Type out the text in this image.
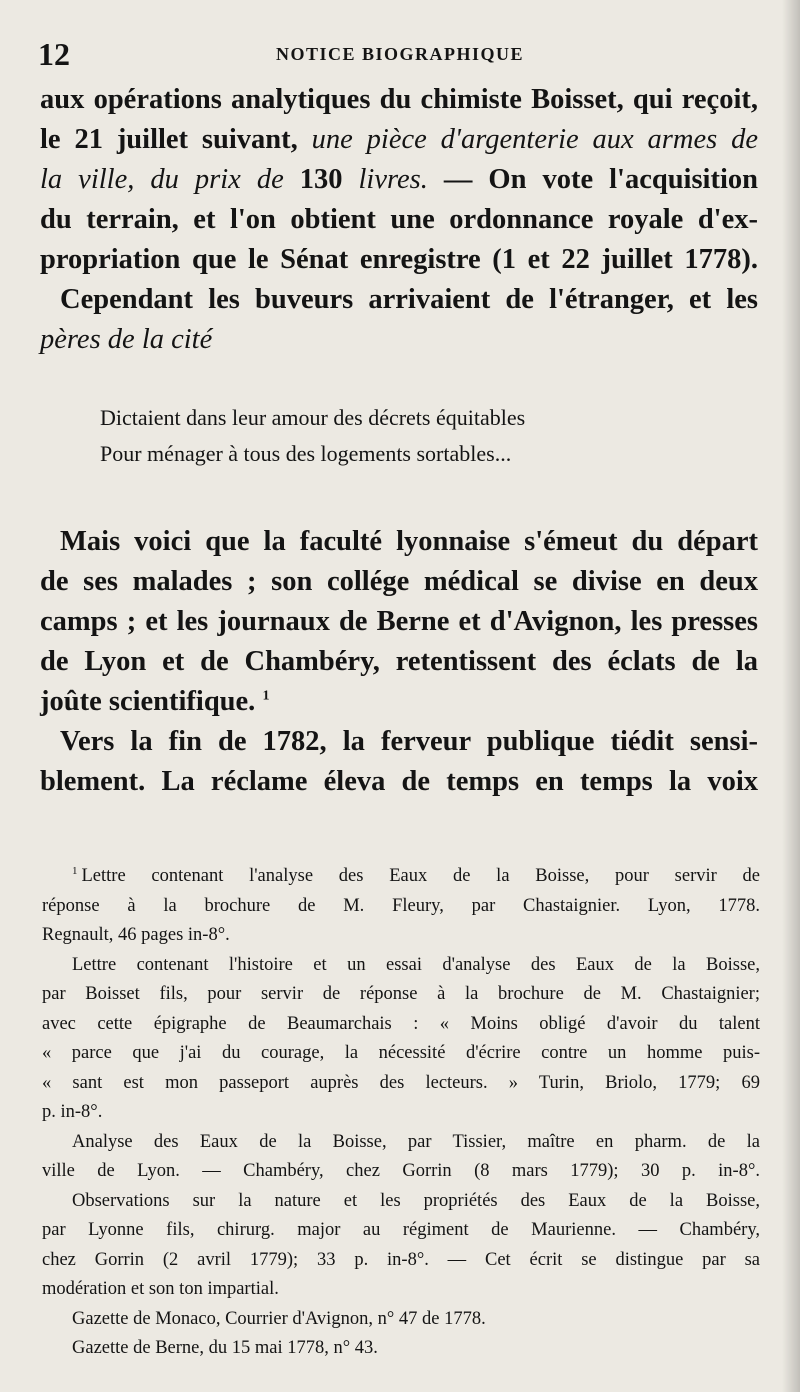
12	NOTICE BIOGRAPHIQUE
aux opérations analytiques du chimiste Boisset, qui reçoit,
le 21 juillet suivant, une pièce d'argenterie aux armes de
la ville, du prix de 130 livres. — On vote l'acquisition
du terrain, et l'on obtient une ordonnance royale d'ex-
propriation que le Sénat enregistre (1 et 22 juillet 1778).
Cependant les buveurs arrivaient de l'étranger, et les
pères de la cité
Dictaient dans leur amour des décrets équitables
Pour ménager à tous des logements sortables...
Mais voici que la faculté lyonnaise s'émeut du départ
de ses malades ; son collége médical se divise en deux
camps ; et les journaux de Berne et d'Avignon, les presses
de Lyon et de Chambéry, retentissent des éclats de la
joûte scientifique. $^1$
Vers la fin de 1782, la ferveur publique tiédit sensi-
blement. La réclame éleva de temps en temps la voix
$^1$ Lettre contenant l'analyse des Eaux de la Boisse, pour servir de
réponse à la brochure de M. Fleury, par Chastaignier. Lyon, 1778.
Regnault, 46 pages in-8°.
Lettre contenant l'histoire et un essai d'analyse des Eaux de la Boisse,
par Boisset fils, pour servir de réponse à la brochure de M. Chastaignier;
avec cette épigraphe de Beaumarchais : « Moins obligé d'avoir du talent
« parce que j'ai du courage, la nécessité d'écrire contre un homme puis-
« sant est mon passeport auprès des lecteurs. » Turin, Briolo, 1779; 69
p. in-8°.
Analyse des Eaux de la Boisse, par Tissier, maître en pharm. de la
ville de Lyon. — Chambéry, chez Gorrin (8 mars 1779); 30 p. in-8°.
Observations sur la nature et les propriétés des Eaux de la Boisse,
par Lyonne fils, chirurg. major au régiment de Maurienne. — Chambéry,
chez Gorrin (2 avril 1779); 33 p. in-8°. — Cet écrit se distingue par sa
modération et son ton impartial.
Gazette de Monaco, Courrier d'Avignon, n° 47 de 1778.
Gazette de Berne, du 15 mai 1778, n° 43.
